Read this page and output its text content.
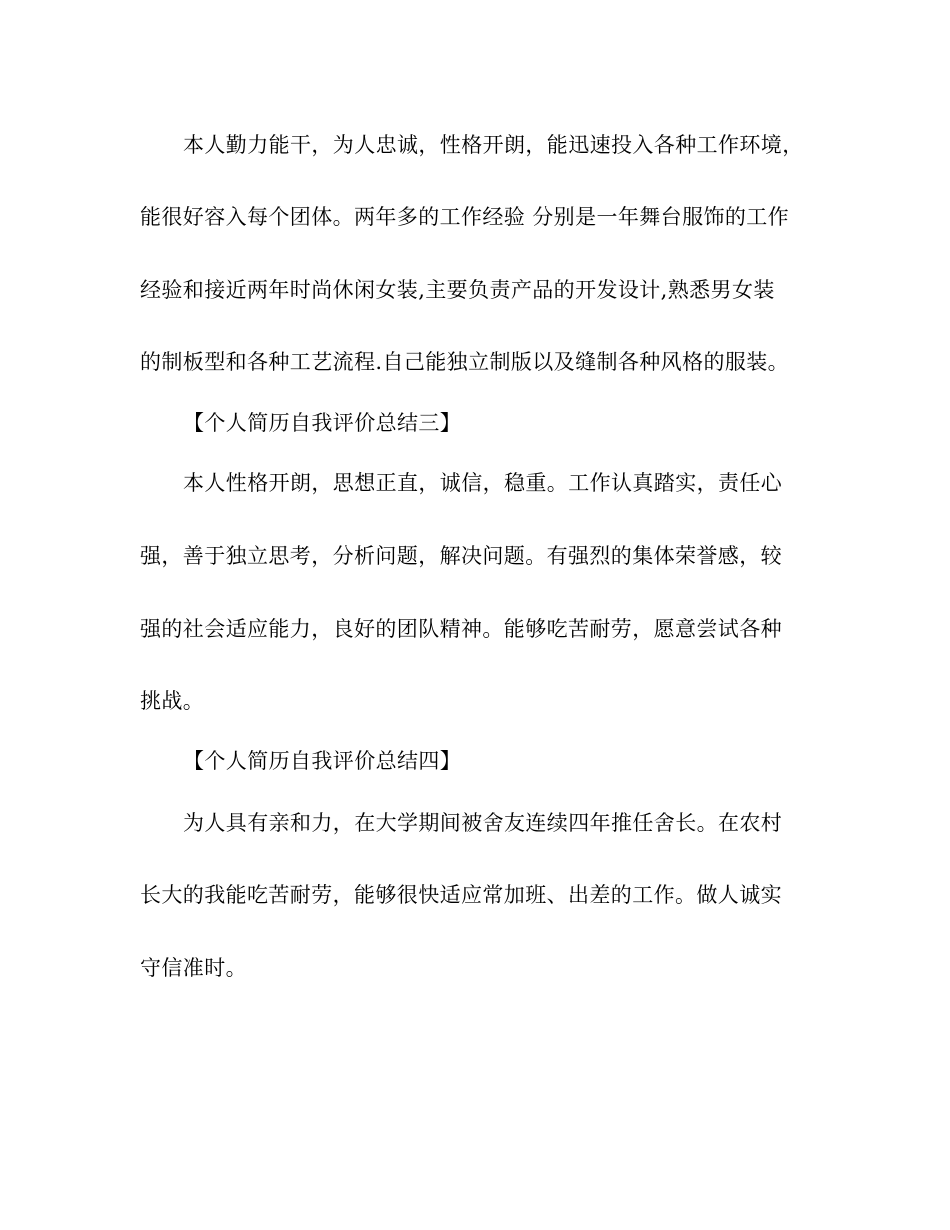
本人勤力能干，为人忠诚，性格开朗，能迅速投入各种工作环境，
能很好容入每个团体。两年多的工作经验 分别是一年舞台服饰的工作
经验和接近两年时尚休闲女装,主要负责产品的开发设计,熟悉男女装
的制板型和各种工艺流程.自己能独立制版以及缝制各种风格的服装。
【个人简历自我评价总结三】
本人性格开朗，思想正直，诚信，稳重。工作认真踏实，责任心
强，善于独立思考，分析问题，解决问题。有强烈的集体荣誉感，较
强的社会适应能力，良好的团队精神。能够吃苦耐劳，愿意尝试各种
挑战。
【个人简历自我评价总结四】
为人具有亲和力，在大学期间被舍友连续四年推任舍长。在农村
长大的我能吃苦耐劳，能够很快适应常加班、出差的工作。做人诚实
守信准时。
